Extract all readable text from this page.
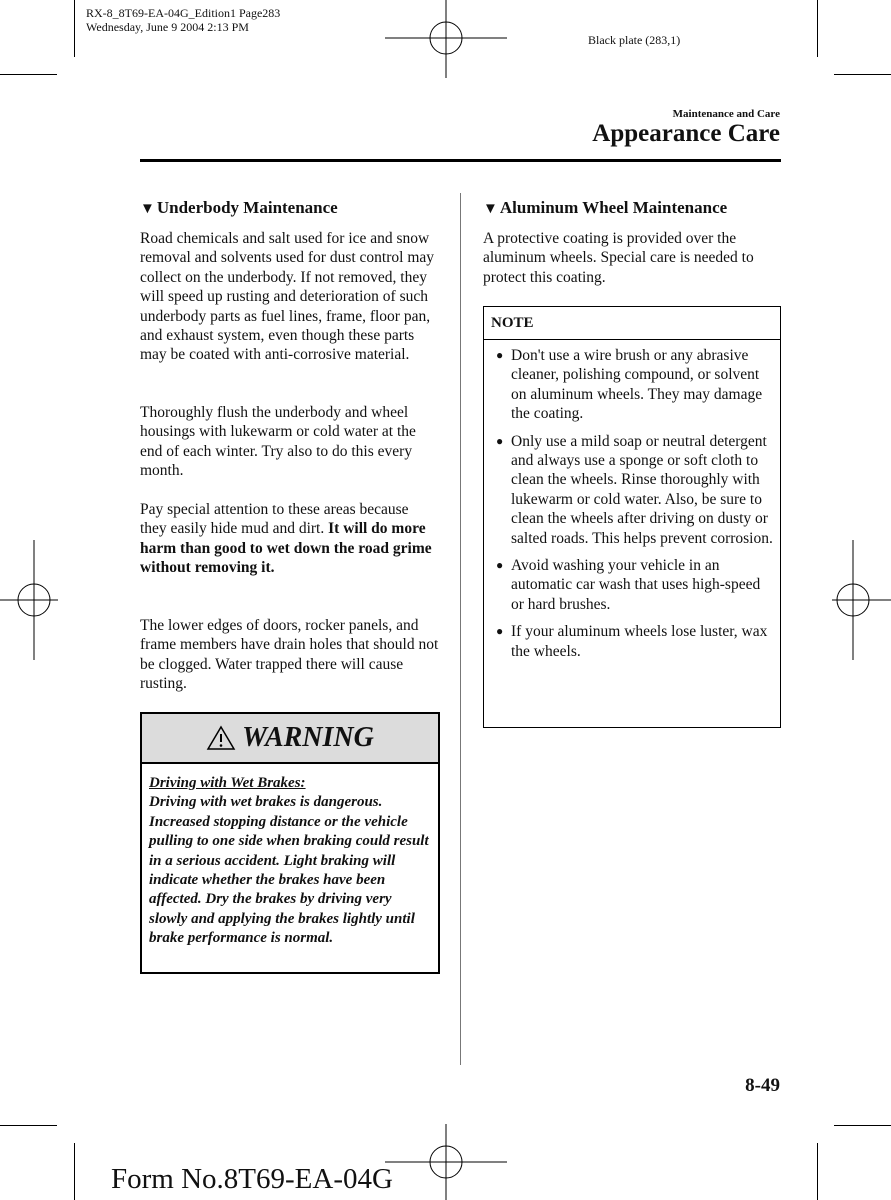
RX-8_8T69-EA-04G_Edition1 Page283
Wednesday, June 9 2004 2:13 PM
Black plate (283,1)
Maintenance and Care
Appearance Care
▼ Underbody Maintenance
Road chemicals and salt used for ice and snow removal and solvents used for dust control may collect on the underbody. If not removed, they will speed up rusting and deterioration of such underbody parts as fuel lines, frame, floor pan, and exhaust system, even though these parts may be coated with anti-corrosive material.
Thoroughly flush the underbody and wheel housings with lukewarm or cold water at the end of each winter. Try also to do this every month.
Pay special attention to these areas because they easily hide mud and dirt. It will do more harm than good to wet down the road grime without removing it.
The lower edges of doors, rocker panels, and frame members have drain holes that should not be clogged. Water trapped there will cause rusting.
WARNING
Driving with Wet Brakes:
Driving with wet brakes is dangerous. Increased stopping distance or the vehicle pulling to one side when braking could result in a serious accident. Light braking will indicate whether the brakes have been affected. Dry the brakes by driving very slowly and applying the brakes lightly until brake performance is normal.
▼ Aluminum Wheel Maintenance
A protective coating is provided over the aluminum wheels. Special care is needed to protect this coating.
NOTE
● Don't use a wire brush or any abrasive cleaner, polishing compound, or solvent on aluminum wheels. They may damage the coating.
● Only use a mild soap or neutral detergent and always use a sponge or soft cloth to clean the wheels. Rinse thoroughly with lukewarm or cold water. Also, be sure to clean the wheels after driving on dusty or salted roads. This helps prevent corrosion.
● Avoid washing your vehicle in an automatic car wash that uses high-speed or hard brushes.
● If your aluminum wheels lose luster, wax the wheels.
8-49
Form No.8T69-EA-04G
